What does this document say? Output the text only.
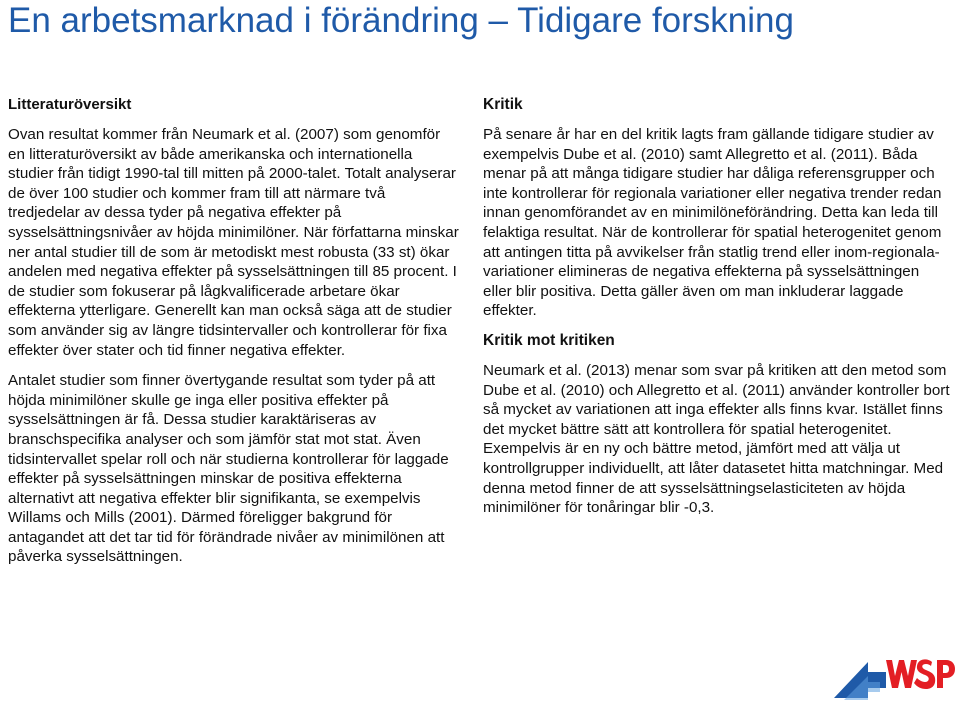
En arbetsmarknad i förändring – Tidigare forskning

Litteraturöversikt

Ovan resultat kommer från Neumark et al. (2007) som genomför en litteraturöversikt av både amerikanska och internationella studier från tidigt 1990-tal till mitten på 2000-talet. Totalt analyserar de över 100 studier och kommer fram till att närmare två tredjedelar av dessa tyder på negativa effekter på sysselsättningsnivåer av höjda minimilöner. När författarna minskar ner antal studier till de som är metodiskt mest robusta (33 st) ökar andelen med negativa effekter på sysselsättningen till 85 procent. I de studier som fokuserar på lågkvalificerade arbetare ökar effekterna ytterligare. Generellt kan man också säga att de studier som använder sig av längre tidsintervaller och kontrollerar för fixa effekter över stater och tid finner negativa effekter.

Antalet studier som finner övertygande resultat som tyder på att höjda minimilöner skulle ge inga eller positiva effekter på sysselsättningen är få. Dessa studier karaktäriseras av branschspecifika analyser och som jämför stat mot stat. Även tidsintervallet spelar roll och när studierna kontrollerar för laggade effekter på sysselsättningen minskar de positiva effekterna alternativt att negativa effekter blir signifikanta, se exempelvis Willams och Mills (2001). Därmed föreligger bakgrund för antagandet att det tar tid för förändrade nivåer av minimilönen att påverka sysselsättningen.

Kritik

På senare år har en del kritik lagts fram gällande tidigare studier av exempelvis Dube et al. (2010) samt Allegretto et al. (2011). Båda menar på att många tidigare studier har dåliga referensgrupper och inte kontrollerar för regionala variationer eller negativa trender redan innan genomförandet av en minimilöneförändring. Detta kan leda till felaktiga resultat. När de kontrollerar för spatial heterogenitet genom att antingen titta på avvikelser från statlig trend eller inom-regionala-variationer elimineras de negativa effekterna på sysselsättningen eller blir positiva. Detta gäller även om man inkluderar laggade effekter.

Kritik mot kritiken

Neumark et al. (2013) menar som svar på kritiken att den metod som Dube et al. (2010) och Allegretto et al. (2011) använder kontroller bort så mycket av variationen att inga effekter alls finns kvar. Istället finns det mycket bättre sätt att kontrollera för spatial heterogenitet. Exempelvis är en ny och bättre metod, jämfört med att välja ut kontrollgrupper individuellt, att låter datasetet hitta matchningar. Med denna metod finner de att sysselsättningselasticiteten av höjda minimilöner för tonåringar blir -0,3.
